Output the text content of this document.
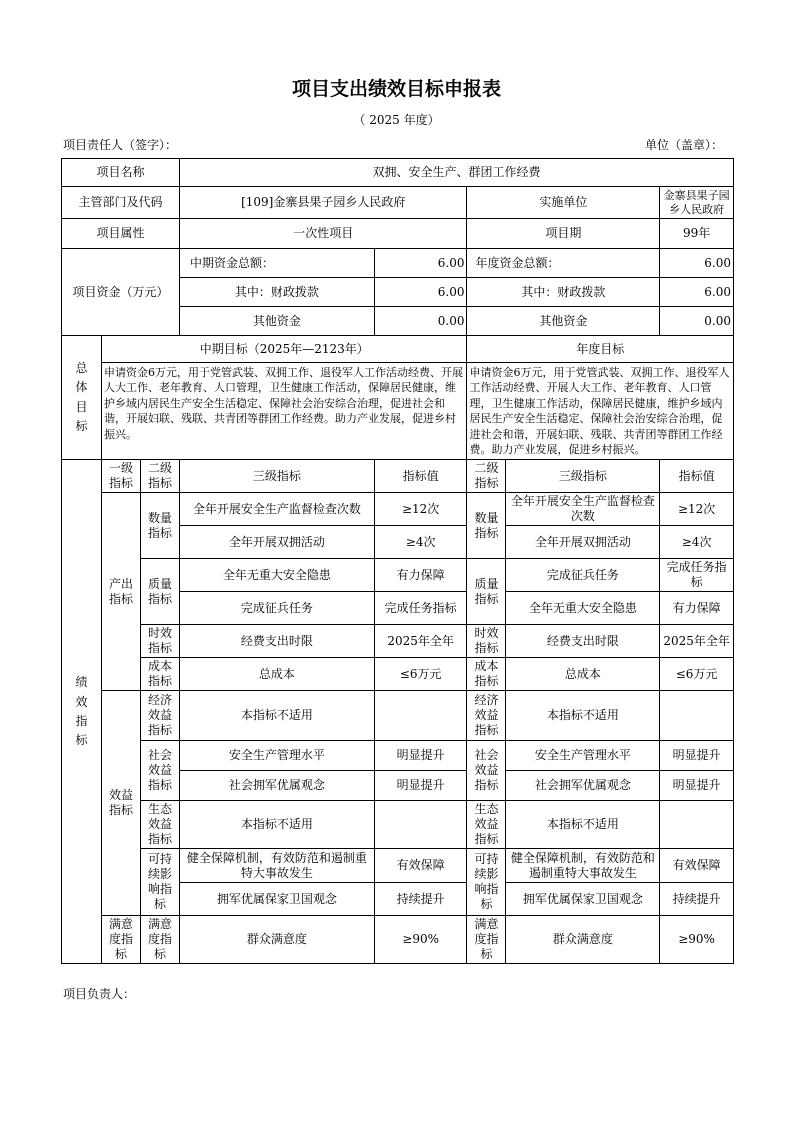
项目支出绩效目标申报表
（ 2025 年度）
项目责任人（签字）：	单位（盖章）：
项目名称			双拥、安全生产、群团工作经费				
主管部门及代码			[109]金寨县果子园乡人民政府		实施单位		金寨县果子园乡人民政府
项目属性			一次性项目		项目期		99年
项目资金（万元）			中期资金总额：	6.00	年度资金总额：		6.00
			其中：财政拨款	6.00	其中：财政拨款		6.00
			其他资金	0.00	其他资金		0.00
总体目标	中期目标（2025年—2123年）				年度目标		
	申请资金6万元，用于党管武装、双拥工作、退役军人工作活动经费、开展人大工作、老年教育、人口管理，卫生健康工作活动，保障居民健康，维护乡域内居民生产安全生活稳定、保障社会治安综合治理，促进社会和谐，开展妇联、残联、共青团等群团工作经费。助力产业发展，促进乡村振兴。				申请资金6万元，用于党管武装、双拥工作、退役军人工作活动经费、开展人大工作、老年教育、人口管理，卫生健康工作活动，保障居民健康，维护乡域内居民生产安全生活稳定、保障社会治安综合治理，促进社会和谐，开展妇联、残联、共青团等群团工作经费。助力产业发展，促进乡村振兴。		
绩效指标	一级指标	二级指标	三级指标	指标值	二级指标	三级指标	指标值
	产出指标	数量指标	全年开展安全生产监督检查次数	≥12次	数量指标	全年开展安全生产监督检查次数	≥12次
			全年开展双拥活动	≥4次		全年开展双拥活动	≥4次
		质量指标	全年无重大安全隐患	有力保障	质量指标	完成征兵任务	完成任务指标
			完成征兵任务	完成任务指标		全年无重大安全隐患	有力保障
		时效指标	经费支出时限	2025年全年	时效指标	经费支出时限	2025年全年
		成本指标	总成本	≤6万元	成本指标	总成本	≤6万元
	效益指标	经济效益指标	本指标不适用		经济效益指标	本指标不适用	
		社会效益指标	安全生产管理水平	明显提升	社会效益指标	安全生产管理水平	明显提升
			社会拥军优属观念	明显提升		社会拥军优属观念	明显提升
		生态效益指标	本指标不适用		生态效益指标	本指标不适用	
		可持续影响指标	健全保障机制，有效防范和遏制重特大事故发生	有效保障	可持续影响指标	健全保障机制，有效防范和遏制重特大事故发生	有效保障
			拥军优属保家卫国观念	持续提升		拥军优属保家卫国观念	持续提升
	满意度指标	满意度指标	群众满意度	≥90%	满意度指标	群众满意度	≥90%
项目负责人：
